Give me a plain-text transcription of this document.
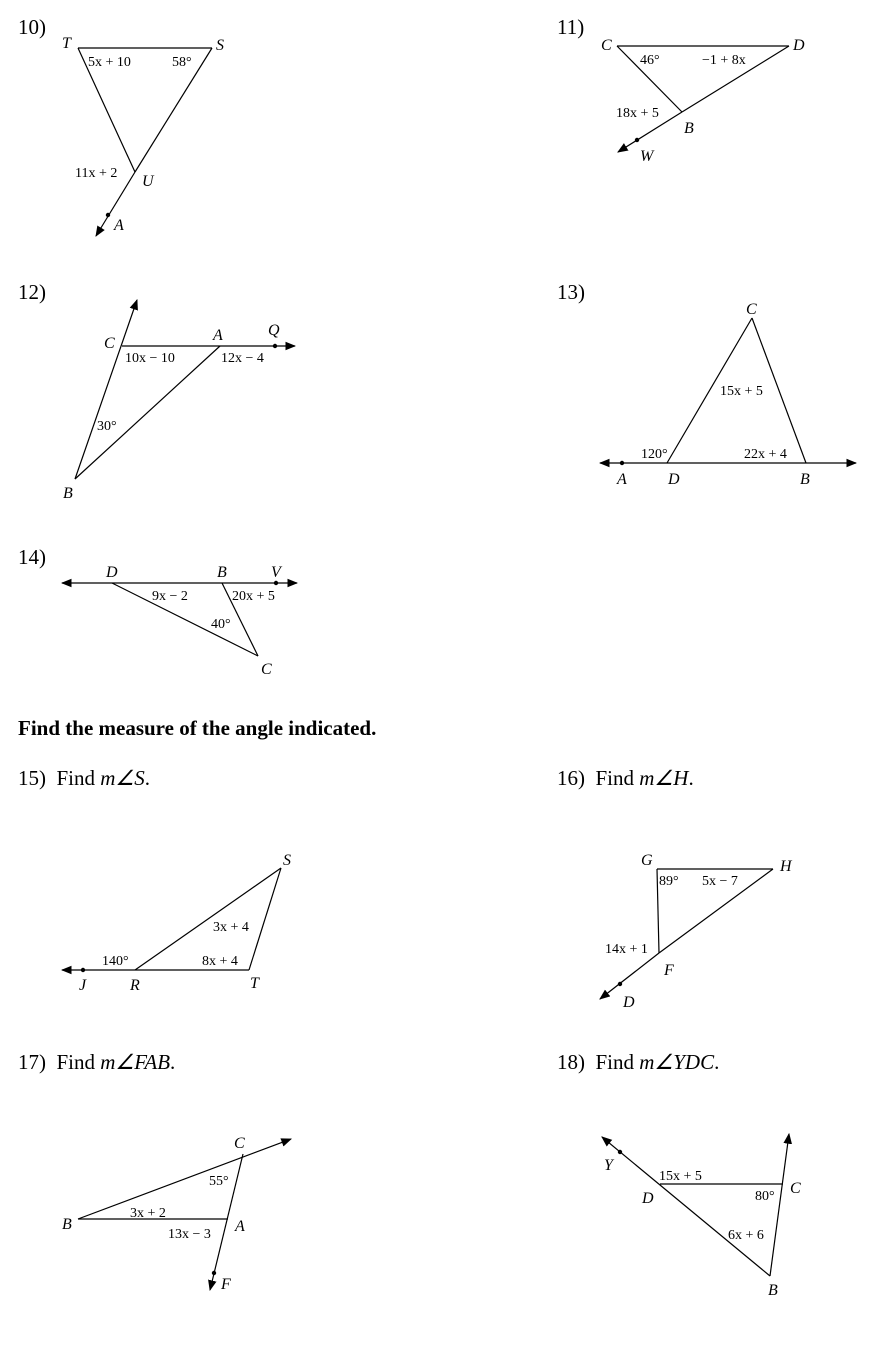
10)
T	S
U
A
5x + 10	58°
11x + 2
11)
C	D
B
W
46°	−1 + 8x
18x + 5
12)
C	A	Q
B
10x − 10	12x − 4
30°
13)
C
A	D	B
15x + 5
120°	22x + 4
14)
D	B	V
C
9x − 2	20x + 5
40°
S
J	R	T
3x + 4
140°	8x + 4
G	H
F
D
89° 5x − 7
14x + 1
C
B	A
F
55°
3x + 2
13x − 3
Y
D
C
B
15x + 5
80°
6x + 6
Find the measure of the angle indicated.
15) Find m∠S.	16) Find m∠H.
17) Find m∠FAB.	18) Find m∠YDC.
